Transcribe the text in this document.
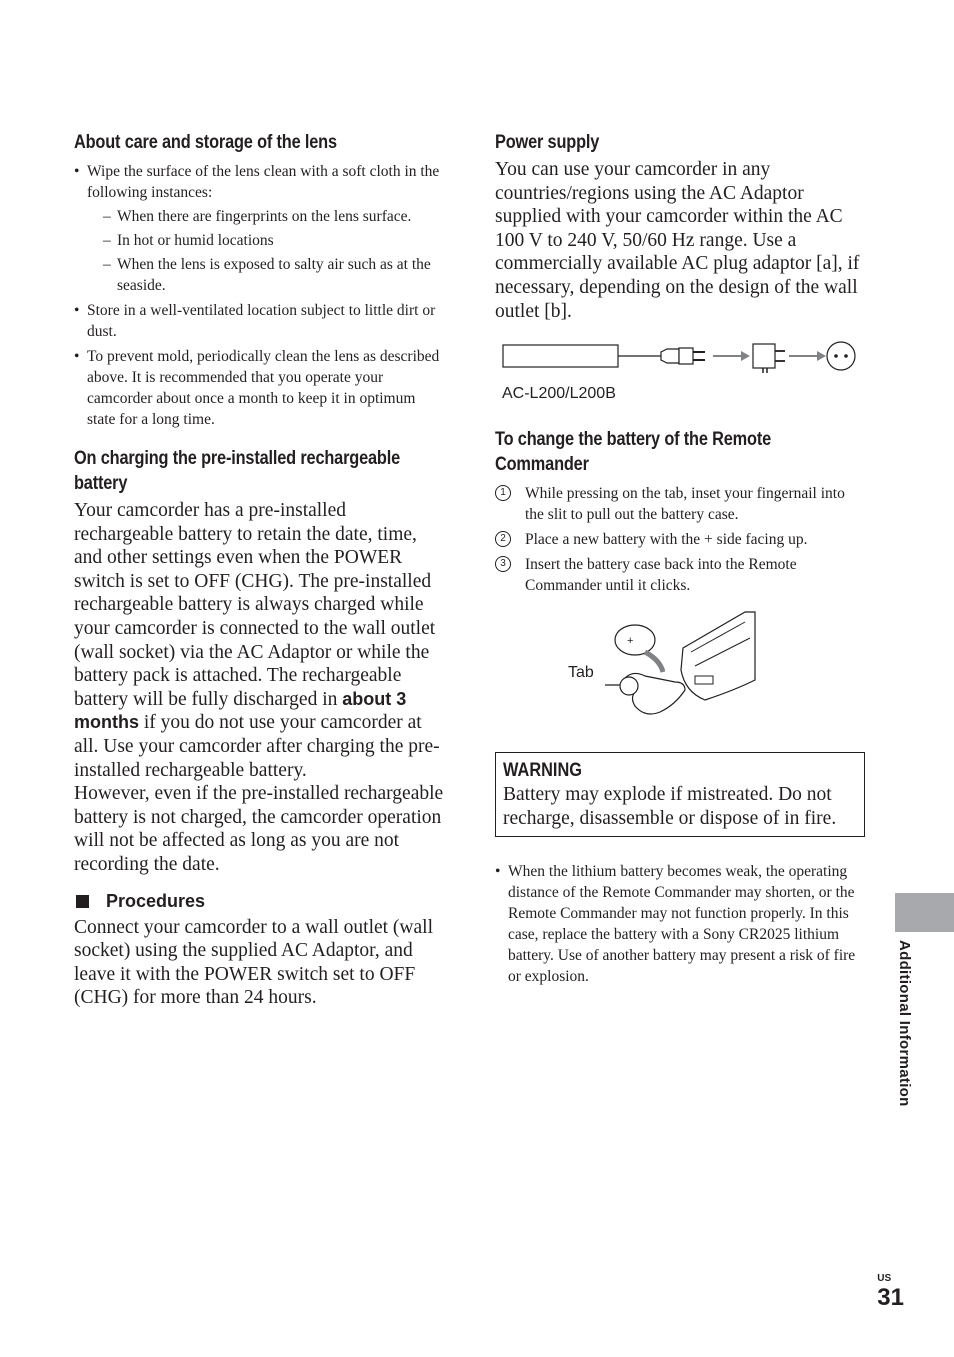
About care and storage of the lens
• Wipe the surface of the lens clean with a soft cloth in the following instances:
– When there are fingerprints on the lens surface.
– In hot or humid locations
– When the lens is exposed to salty air such as at the seaside.
• Store in a well-ventilated location subject to little dirt or dust.
• To prevent mold, periodically clean the lens as described above. It is recommended that you operate your camcorder about once a month to keep it in optimum state for a long time.
On charging the pre-installed rechargeable battery

Your camcorder has a pre-installed rechargeable battery to retain the date, time, and other settings even when the POWER switch is set to OFF (CHG). The pre-installed rechargeable battery is always charged while your camcorder is connected to the wall outlet (wall socket) via the AC Adaptor or while the battery pack is attached. The rechargeable battery will be fully discharged in about 3 months if you do not use your camcorder at all. Use your camcorder after charging the pre-installed rechargeable battery.

However, even if the pre-installed rechargeable battery is not charged, the camcorder operation will not be affected as long as you are not recording the date.

Procedures

Connect your camcorder to a wall outlet (wall socket) using the supplied AC Adaptor, and leave it with the POWER switch set to OFF (CHG) for more than 24 hours.

Power supply

You can use your camcorder in any countries/regions using the AC Adaptor supplied with your camcorder within the AC 100 V to 240 V, 50/60 Hz range. Use a commercially available AC plug adaptor [a], if necessary, depending on the design of the wall outlet [b].

AC-L200/L200B
To change the battery of the Remote Commander
1	While pressing on the tab, inset your fingernail into the slit to pull out the battery case.
2	Place a new battery with the + side facing up.
3	Insert the battery case back into the Remote Commander until it clicks.
Tab
+
WARNING

Battery may explode if mistreated. Do not recharge, disassemble or dispose of in fire.

• When the lithium battery becomes weak, the operating distance of the Remote Commander may shorten, or the Remote Commander may not function properly. In this case, replace the battery with a Sony CR2025 lithium battery. Use of another battery may present a risk of fire or explosion.	Additional Information
US
31
